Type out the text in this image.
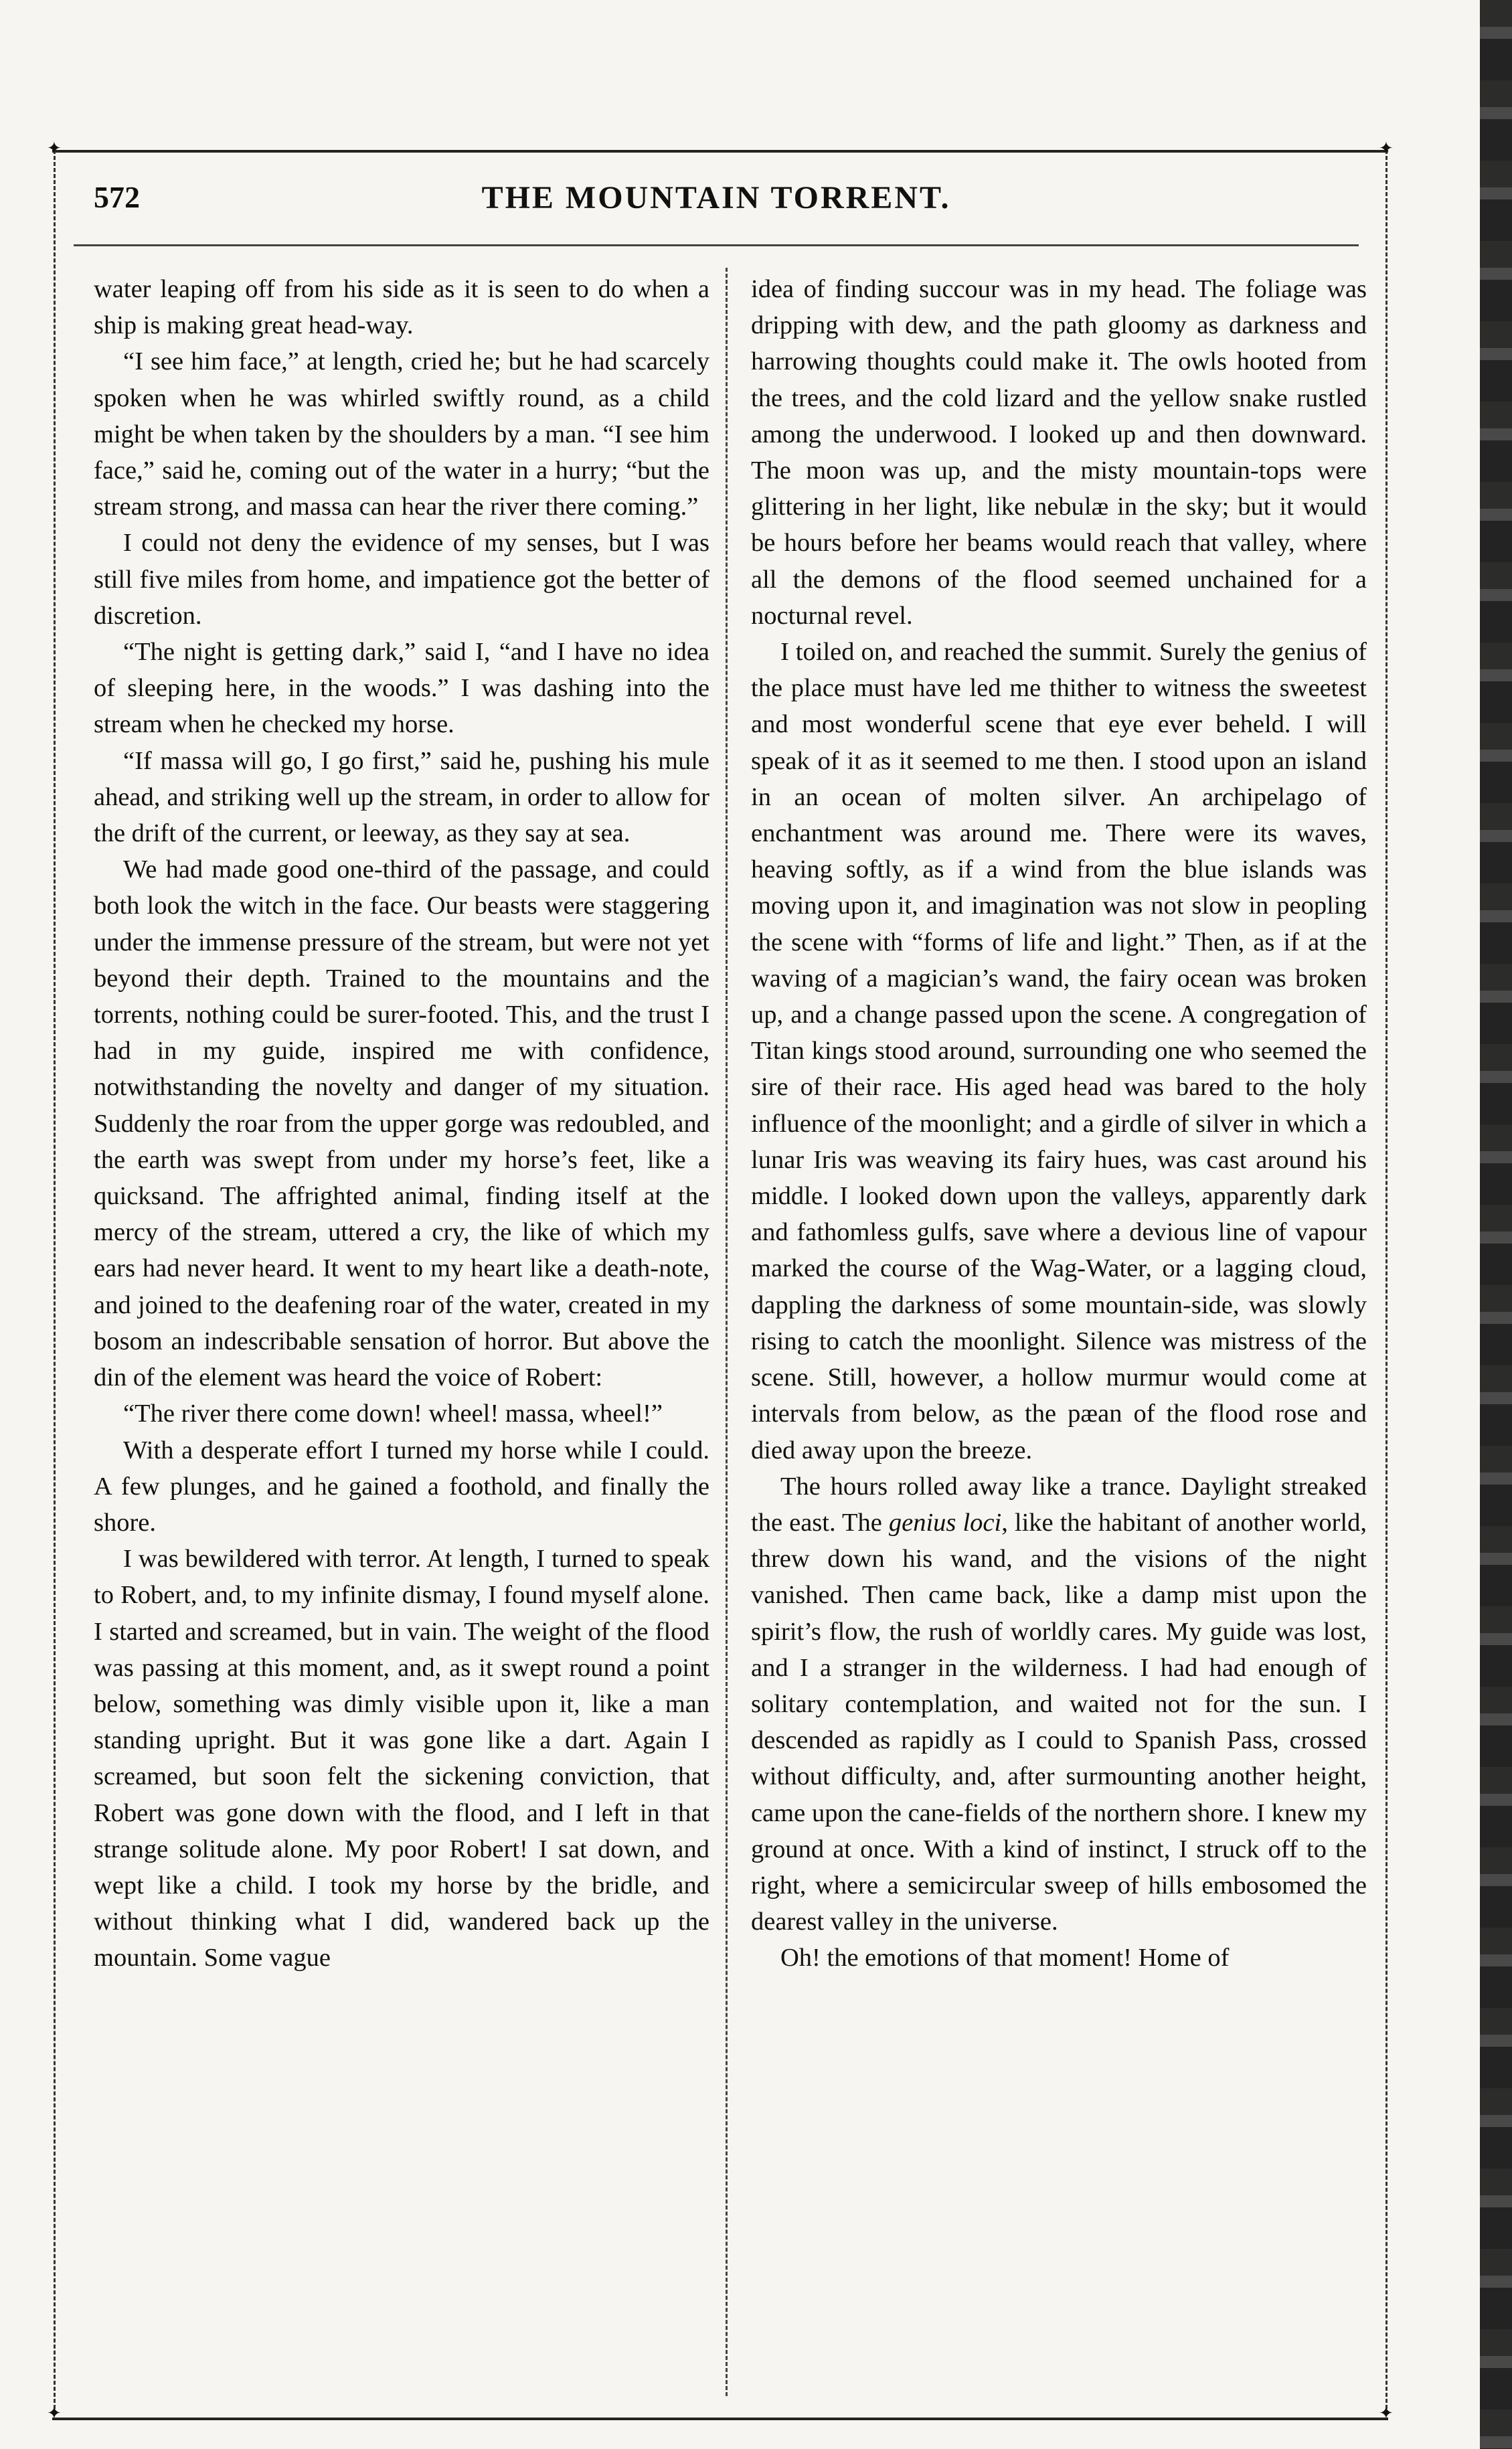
✦	✦
✦	✦
572	THE MOUNTAIN TORRENT.

water leaping off from his side as it is seen to do when a ship is making great head-way.

“I see him face,” at length, cried he; but he had scarcely spoken when he was whirled swiftly round, as a child might be when taken by the shoulders by a man. “I see him face,” said he, coming out of the water in a hurry; “but the stream strong, and massa can hear the river there coming.”

I could not deny the evidence of my senses, but I was still five miles from home, and impatience got the better of discretion.

“The night is getting dark,” said I, “and I have no idea of sleeping here, in the woods.” I was dashing into the stream when he checked my horse.

“If massa will go, I go first,” said he, pushing his mule ahead, and striking well up the stream, in order to allow for the drift of the current, or leeway, as they say at sea.

We had made good one-third of the passage, and could both look the witch in the face. Our beasts were staggering under the immense pressure of the stream, but were not yet beyond their depth. Trained to the mountains and the torrents, nothing could be surer-footed. This, and the trust I had in my guide, inspired me with confidence, notwithstanding the novelty and danger of my situation. Suddenly the roar from the upper gorge was redoubled, and the earth was swept from under my horse’s feet, like a quicksand. The affrighted animal, finding itself at the mercy of the stream, uttered a cry, the like of which my ears had never heard. It went to my heart like a death-note, and joined to the deafening roar of the water, created in my bosom an indescribable sensation of horror. But above the din of the element was heard the voice of Robert:

“The river there come down! wheel! massa, wheel!”

With a desperate effort I turned my horse while I could. A few plunges, and he gained a foothold, and finally the shore.

I was bewildered with terror. At length, I turned to speak to Robert, and, to my infinite dismay, I found myself alone. I started and screamed, but in vain. The weight of the flood was passing at this moment, and, as it swept round a point below, something was dimly visible upon it, like a man standing upright. But it was gone like a dart. Again I screamed, but soon felt the sickening conviction, that Robert was gone down with the flood, and I left in that strange solitude alone. My poor Robert! I sat down, and wept like a child. I took my horse by the bridle, and without thinking what I did, wandered back up the mountain. Some vague

idea of finding succour was in my head. The foliage was dripping with dew, and the path gloomy as darkness and harrowing thoughts could make it. The owls hooted from the trees, and the cold lizard and the yellow snake rustled among the underwood. I looked up and then downward. The moon was up, and the misty mountain-tops were glittering in her light, like nebulæ in the sky; but it would be hours before her beams would reach that valley, where all the demons of the flood seemed unchained for a nocturnal revel.

I toiled on, and reached the summit. Surely the genius of the place must have led me thither to witness the sweetest and most wonderful scene that eye ever beheld. I will speak of it as it seemed to me then. I stood upon an island in an ocean of molten silver. An archipelago of enchantment was around me. There were its waves, heaving softly, as if a wind from the blue islands was moving upon it, and imagination was not slow in peopling the scene with “forms of life and light.” Then, as if at the waving of a magician’s wand, the fairy ocean was broken up, and a change passed upon the scene. A congregation of Titan kings stood around, surrounding one who seemed the sire of their race. His aged head was bared to the holy influence of the moonlight; and a girdle of silver in which a lunar Iris was weaving its fairy hues, was cast around his middle. I looked down upon the valleys, apparently dark and fathomless gulfs, save where a devious line of vapour marked the course of the Wag-Water, or a lagging cloud, dappling the darkness of some mountain-side, was slowly rising to catch the moonlight. Silence was mistress of the scene. Still, however, a hollow murmur would come at intervals from below, as the pæan of the flood rose and died away upon the breeze.

The hours rolled away like a trance. Daylight streaked the east. The genius loci, like the habitant of another world, threw down his wand, and the visions of the night vanished. Then came back, like a damp mist upon the spirit’s flow, the rush of worldly cares. My guide was lost, and I a stranger in the wilderness. I had had enough of solitary contemplation, and waited not for the sun. I descended as rapidly as I could to Spanish Pass, crossed without difficulty, and, after surmounting another height, came upon the cane-fields of the northern shore. I knew my ground at once. With a kind of instinct, I struck off to the right, where a semicircular sweep of hills embosomed the dearest valley in the universe.

Oh! the emotions of that moment! Home of
